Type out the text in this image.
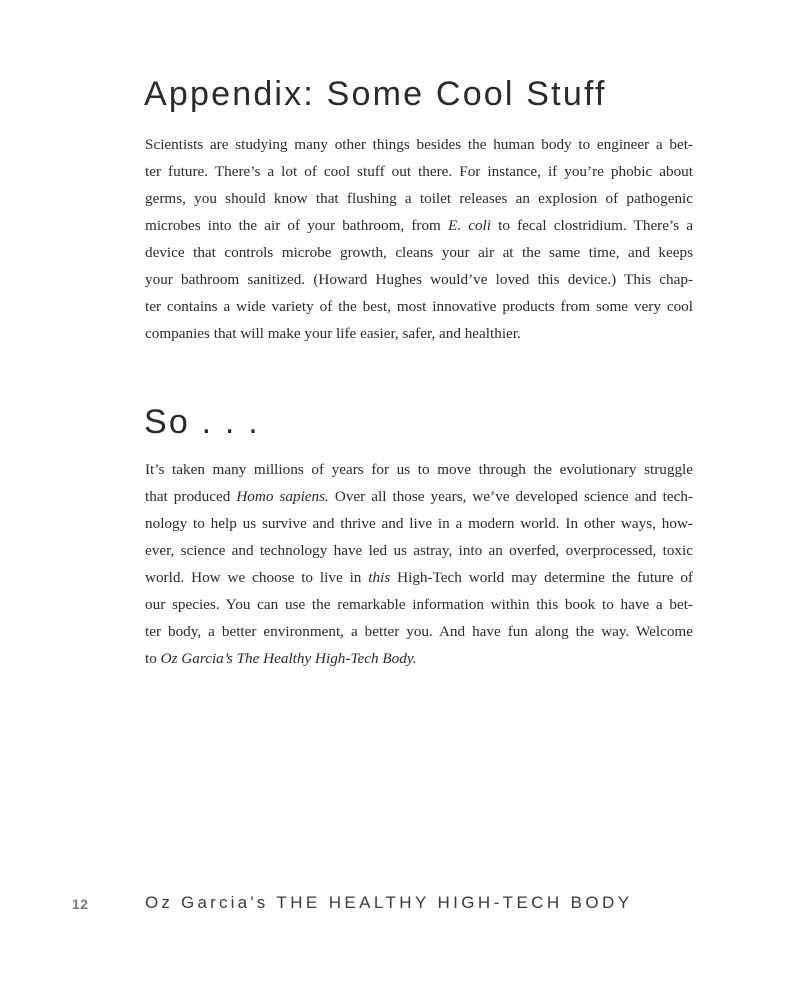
Appendix: Some Cool Stuff
Scientists are studying many other things besides the human body to engineer a bet-
ter future. There’s a lot of cool stuff out there. For instance, if you’re phobic about
germs, you should know that flushing a toilet releases an explosion of pathogenic
microbes into the air of your bathroom, from E. coli to fecal clostridium. There’s a
device that controls microbe growth, cleans your air at the same time, and keeps
your bathroom sanitized. (Howard Hughes would’ve loved this device.) This chap-
ter contains a wide variety of the best, most innovative products from some very cool
companies that will make your life easier, safer, and healthier.
So . . .
It’s taken many millions of years for us to move through the evolutionary struggle
that produced Homo sapiens. Over all those years, we’ve developed science and tech-
nology to help us survive and thrive and live in a modern world. In other ways, how-
ever, science and technology have led us astray, into an overfed, overprocessed, toxic
world. How we choose to live in this High-Tech world may determine the future of
our species. You can use the remarkable information within this book to have a bet-
ter body, a better environment, a better you. And have fun along the way. Welcome
to Oz Garcia’s The Healthy High-Tech Body.
12	Oz Garcia's THE HEALTHY HIGH-TECH BODY
